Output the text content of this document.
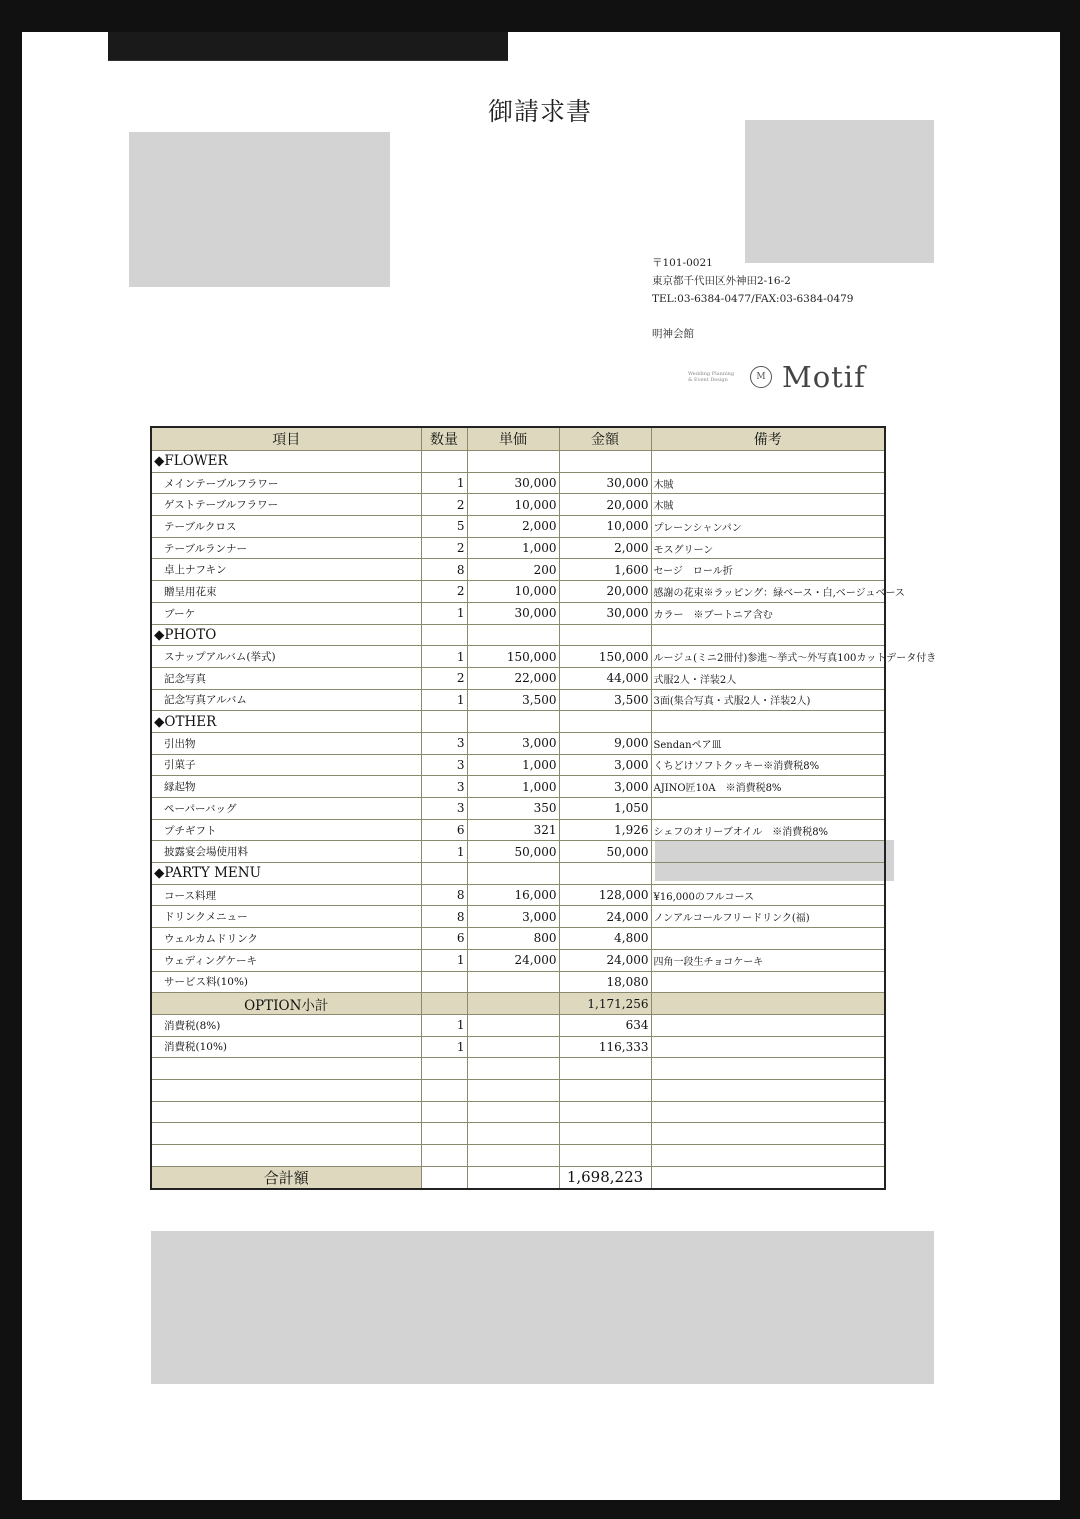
御請求書
〒101-0021
東京都千代田区外神田2-16-2
TEL:03-6384-0477/FAX:03-6384-0479
明神会館
Wedding Planning & Event Design	M Motif
項目	数量	単価	金額	備考
◆FLOWER				
メインテーブルフラワー	1	30,000	30,000	木賊
ゲストテーブルフラワー	2	10,000	20,000	木賊
テーブルクロス	5	2,000	10,000	プレーンシャンパン
テーブルランナー	2	1,000	2,000	モスグリーン
卓上ナフキン	8	200	1,600	セージ　ロール折
贈呈用花束	2	10,000	20,000	感謝の花束※ラッピング：緑ベース・白,ベージュベース
ブーケ	1	30,000	30,000	カラー　※ブートニア含む
◆PHOTO				
スナップアルバム(挙式)	1	150,000	150,000	ルージュ(ミニ2冊付)参進～挙式～外写真100カットデータ付き
記念写真	2	22,000	44,000	式服2人・洋装2人
記念写真アルバム	1	3,500	3,500	3面(集合写真・式服2人・洋装2人)
◆OTHER				
引出物	3	3,000	9,000	Sendanペア皿
引菓子	3	1,000	3,000	くちどけソフトクッキー※消費税8%
縁起物	3	1,000	3,000	AJINO匠10A　※消費税8%
ペーパーバッグ	3	350	1,050	
プチギフト	6	321	1,926	シェフのオリーブオイル　※消費税8%
披露宴会場使用料	1	50,000	50,000	
◆PARTY MENU				
コース料理	8	16,000	128,000	¥16,000のフルコース
ドリンクメニュー	8	3,000	24,000	ノンアルコールフリードリンク(福)
ウェルカムドリンク	6	800	4,800	
ウェディングケーキ	1	24,000	24,000	四角一段生チョコケーキ
サービス料(10%)			18,080	
OPTION小計			1,171,256	
消費税(8%)	1		634	
消費税(10%)	1		116,333	

合計額			1,698,223	
